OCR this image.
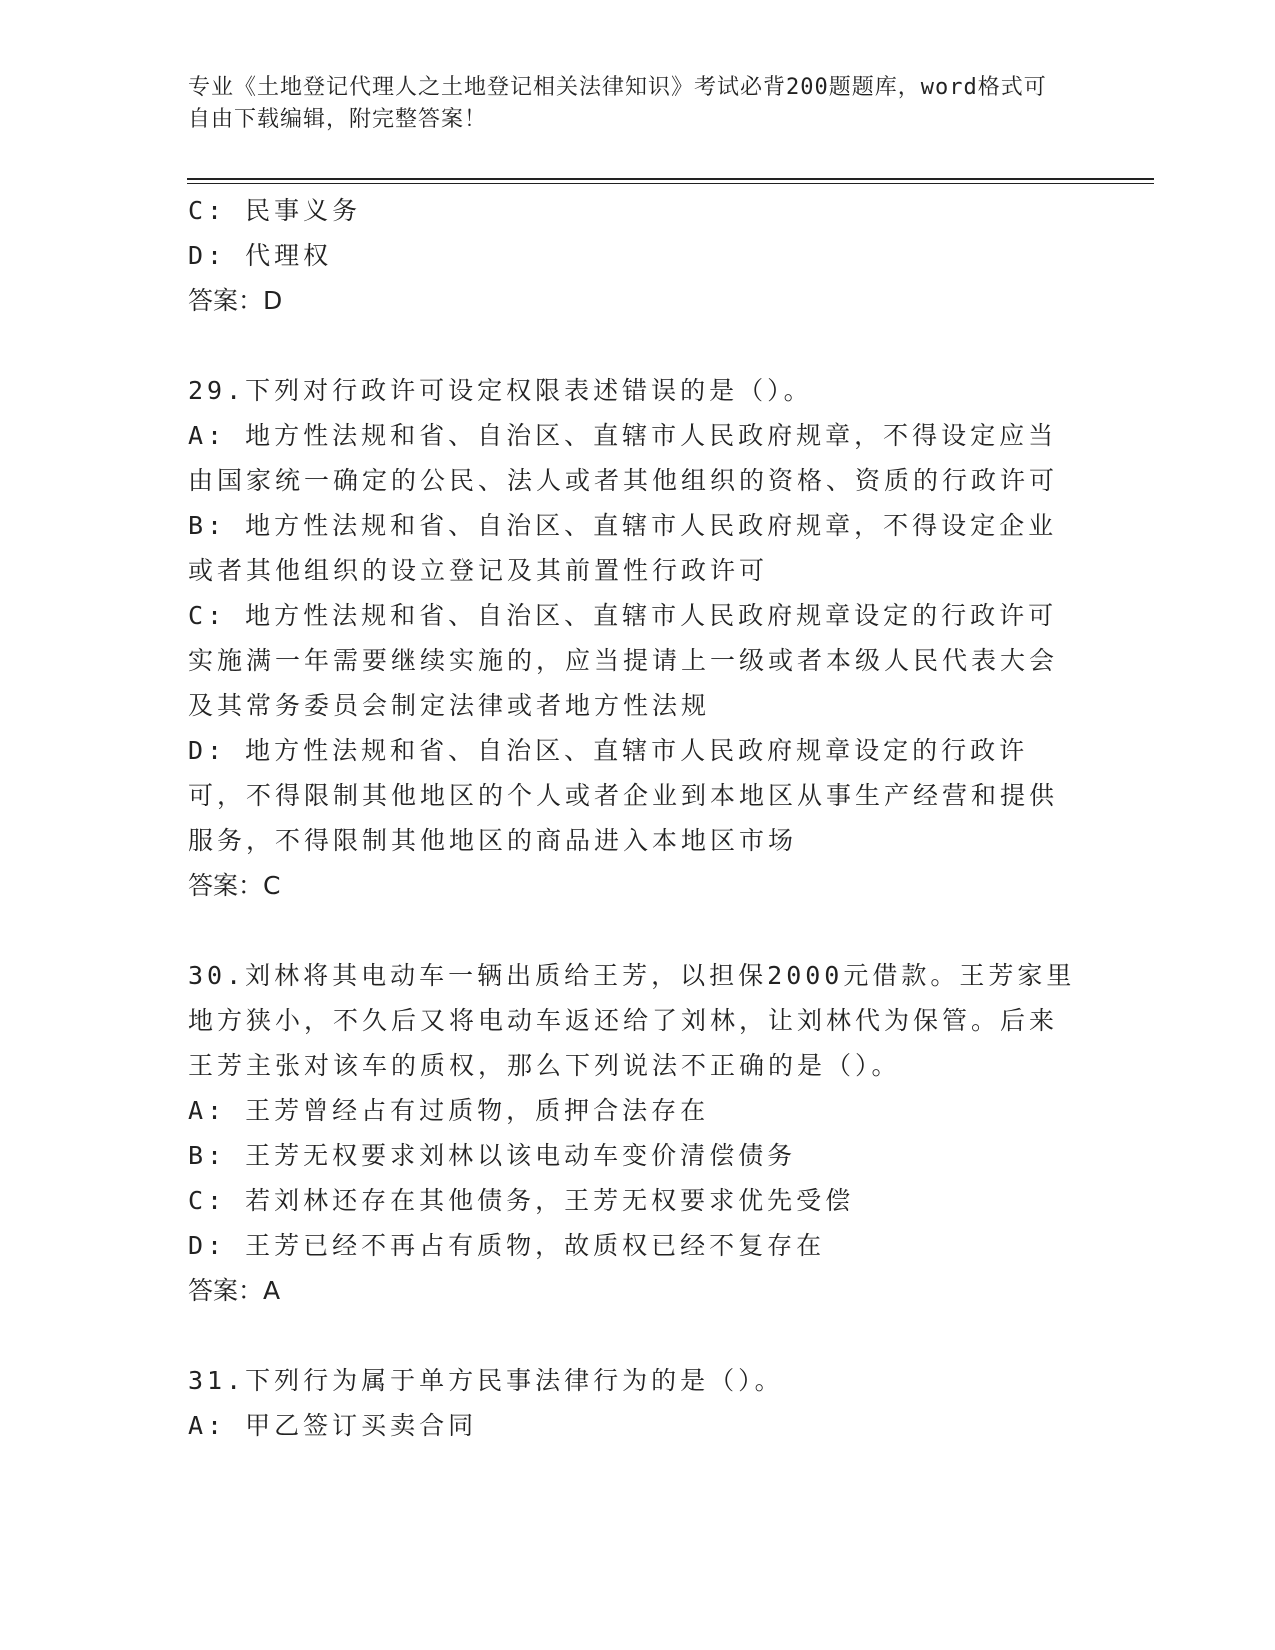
专业《土地登记代理人之土地登记相关法律知识》考试必背200题题库，word格式可自由下载编辑，附完整答案！
C: 民事义务
D: 代理权
答案：D
29.下列对行政许可设定权限表述错误的是（）。
A: 地方性法规和省、自治区、直辖市人民政府规章，不得设定应当由国家统一确定的公民、法人或者其他组织的资格、资质的行政许可
B: 地方性法规和省、自治区、直辖市人民政府规章，不得设定企业或者其他组织的设立登记及其前置性行政许可
C: 地方性法规和省、自治区、直辖市人民政府规章设定的行政许可实施满一年需要继续实施的，应当提请上一级或者本级人民代表大会及其常务委员会制定法律或者地方性法规
D: 地方性法规和省、自治区、直辖市人民政府规章设定的行政许可，不得限制其他地区的个人或者企业到本地区从事生产经营和提供服务，不得限制其他地区的商品进入本地区市场
答案：C
30.刘林将其电动车一辆出质给王芳，以担保2000元借款。王芳家里地方狭小，不久后又将电动车返还给了刘林，让刘林代为保管。后来王芳主张对该车的质权，那么下列说法不正确的是（）。
A: 王芳曾经占有过质物，质押合法存在
B: 王芳无权要求刘林以该电动车变价清偿债务
C: 若刘林还存在其他债务，王芳无权要求优先受偿
D: 王芳已经不再占有质物，故质权已经不复存在
答案：A
31.下列行为属于单方民事法律行为的是（）。
A: 甲乙签订买卖合同
